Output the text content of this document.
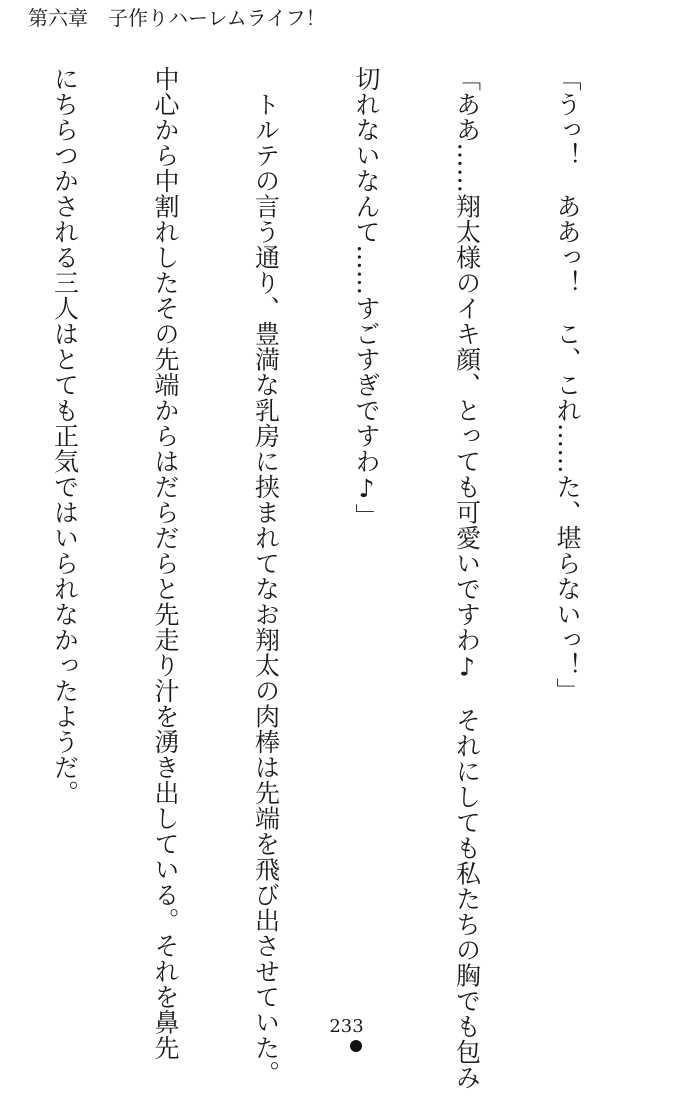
第六章　子作りハーレムライフ！

「うっ！　ああっ！　こ、これ……た、堪らないっ！」

「ああ……翔太様のイキ顔、とっても可愛いですわ♪　それにしても私たちの胸でも包み

切れないなんて……すごすぎですわ♪」

　トルテの言う通り、豊満な乳房に挟まれてなお翔太の肉棒は先端を飛び出させていた。

中心から中割れしたその先端からはだらだらと先走り汁を湧き出している。それを鼻先

にちらつかされる三人はとても正気ではいられなかったようだ。

233
